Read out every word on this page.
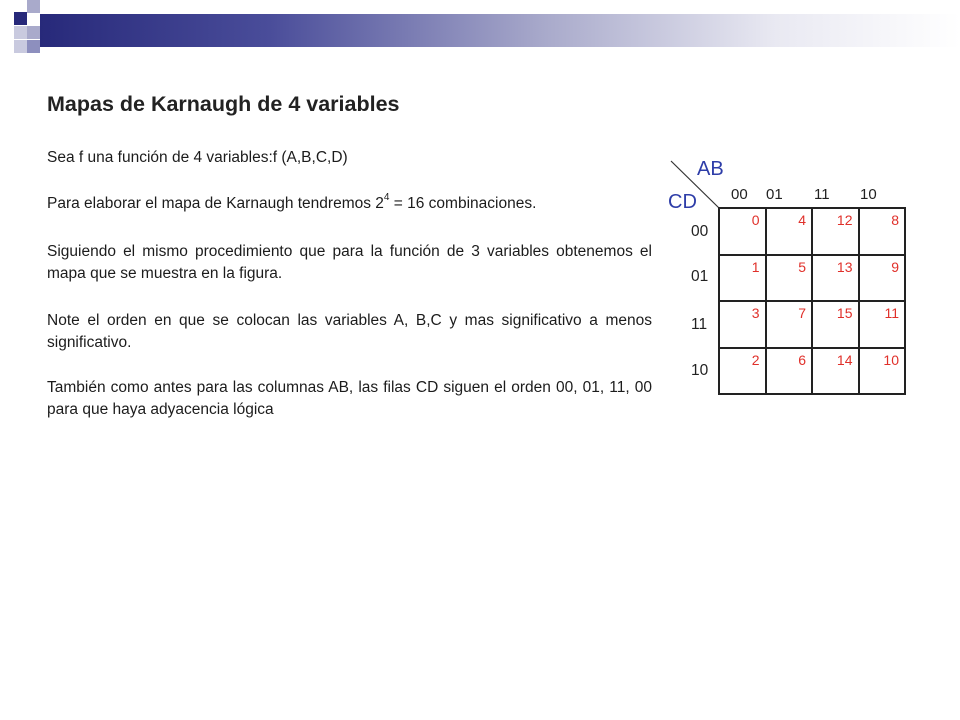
Mapas de Karnaugh de 4 variables

Sea f una función de 4 variables:f (A,B,C,D)

Para elaborar el mapa de Karnaugh tendremos $2^4 = 16$ combinaciones.

Siguiendo el mismo procedimiento que para la función de 3 variables obtenemos el mapa que se muestra en la figura.

Note el orden en que se colocan las variables A, B,C y mas significativo a menos significativo.

También como antes para las columnas AB, las filas CD siguen el orden 00, 01, 11, 00 para que haya adyacencia lógica

AB
CD 00 01 11 10
00
01
11
10
0	4 12	8
1	5 13	9
3	7 15 11
2	6 14 10
